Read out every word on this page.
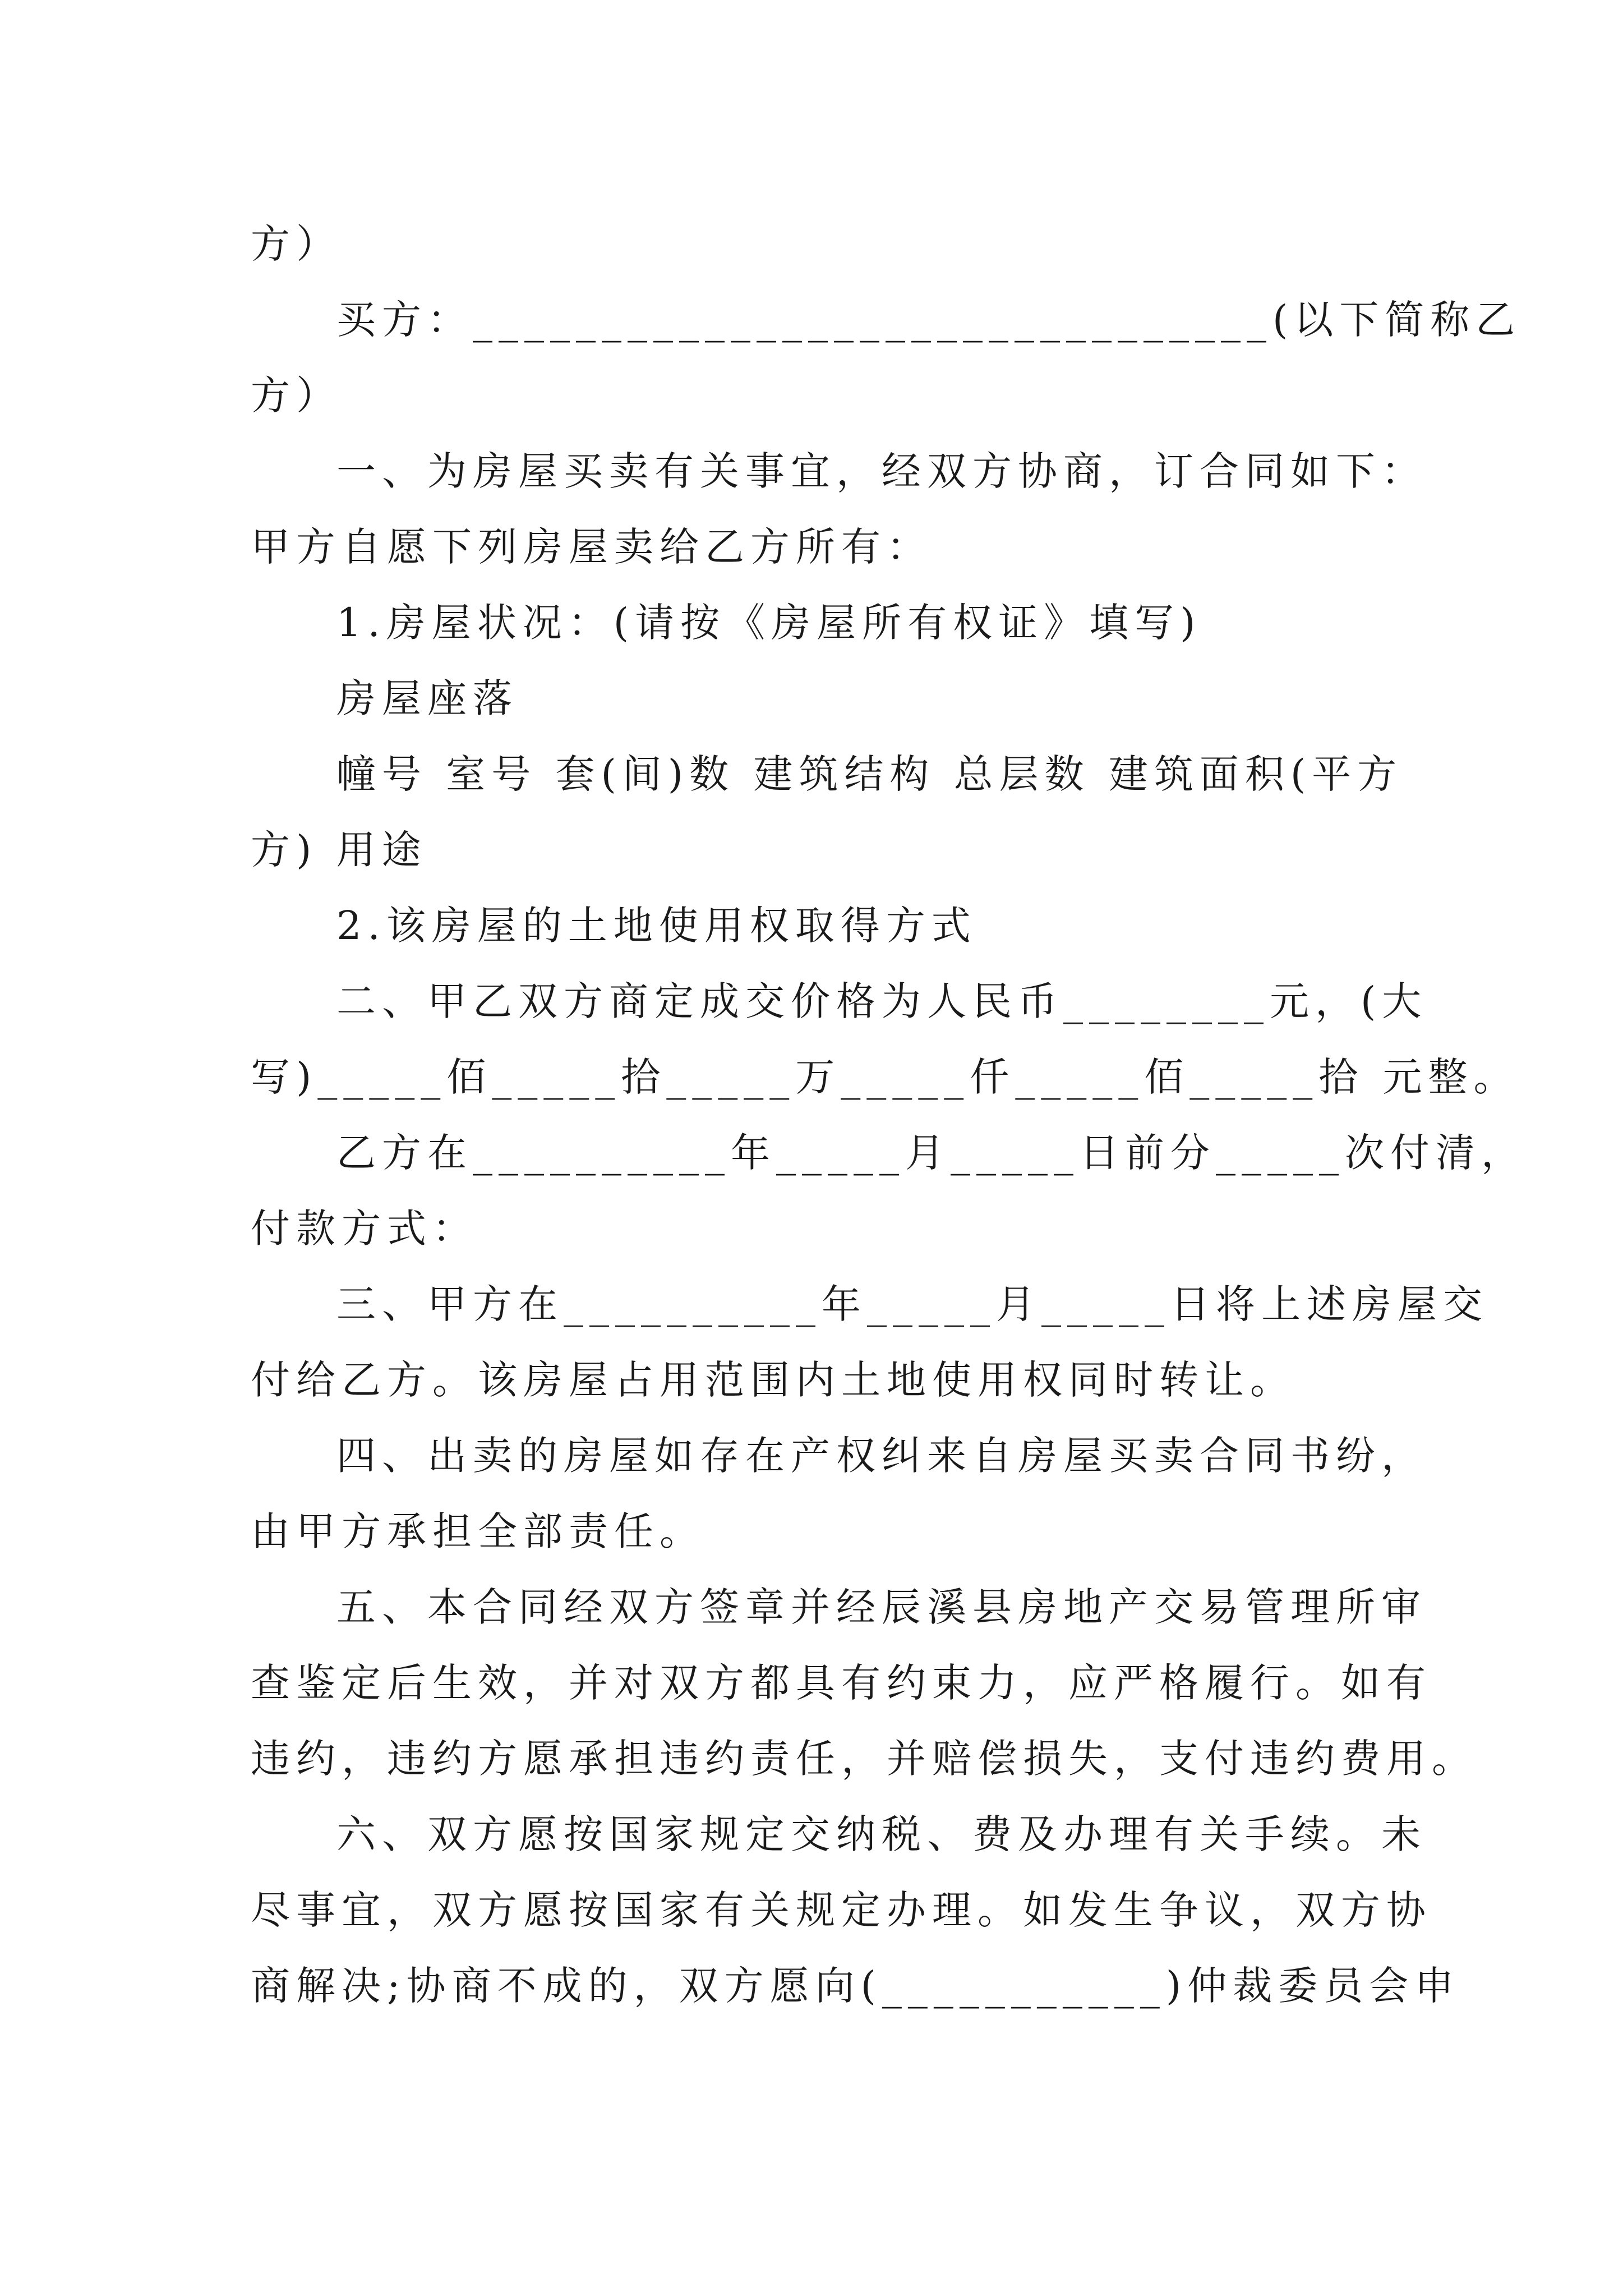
方）
买方：_______________________________(以下简称乙
方）
一、为房屋买卖有关事宜，经双方协商，订合同如下：
甲方自愿下列房屋卖给乙方所有：
1.房屋状况：(请按《房屋所有权证》填写)
房屋座落
幢号 室号 套(间)数 建筑结构 总层数 建筑面积(平方
方) 用途
2.该房屋的土地使用权取得方式
二、甲乙双方商定成交价格为人民币________元，(大
写)_____佰_____拾_____万_____仟_____佰_____拾 元整。
乙方在__________年_____月_____日前分_____次付清，
付款方式：
三、甲方在__________年_____月_____日将上述房屋交
付给乙方。该房屋占用范围内土地使用权同时转让。
四、出卖的房屋如存在产权纠来自房屋买卖合同书纷，
由甲方承担全部责任。
五、本合同经双方签章并经辰溪县房地产交易管理所审
查鉴定后生效，并对双方都具有约束力，应严格履行。如有
违约，违约方愿承担违约责任，并赔偿损失，支付违约费用。
六、双方愿按国家规定交纳税、费及办理有关手续。未
尽事宜，双方愿按国家有关规定办理。如发生争议，双方协
商解决;协商不成的，双方愿向(___________)仲裁委员会申
